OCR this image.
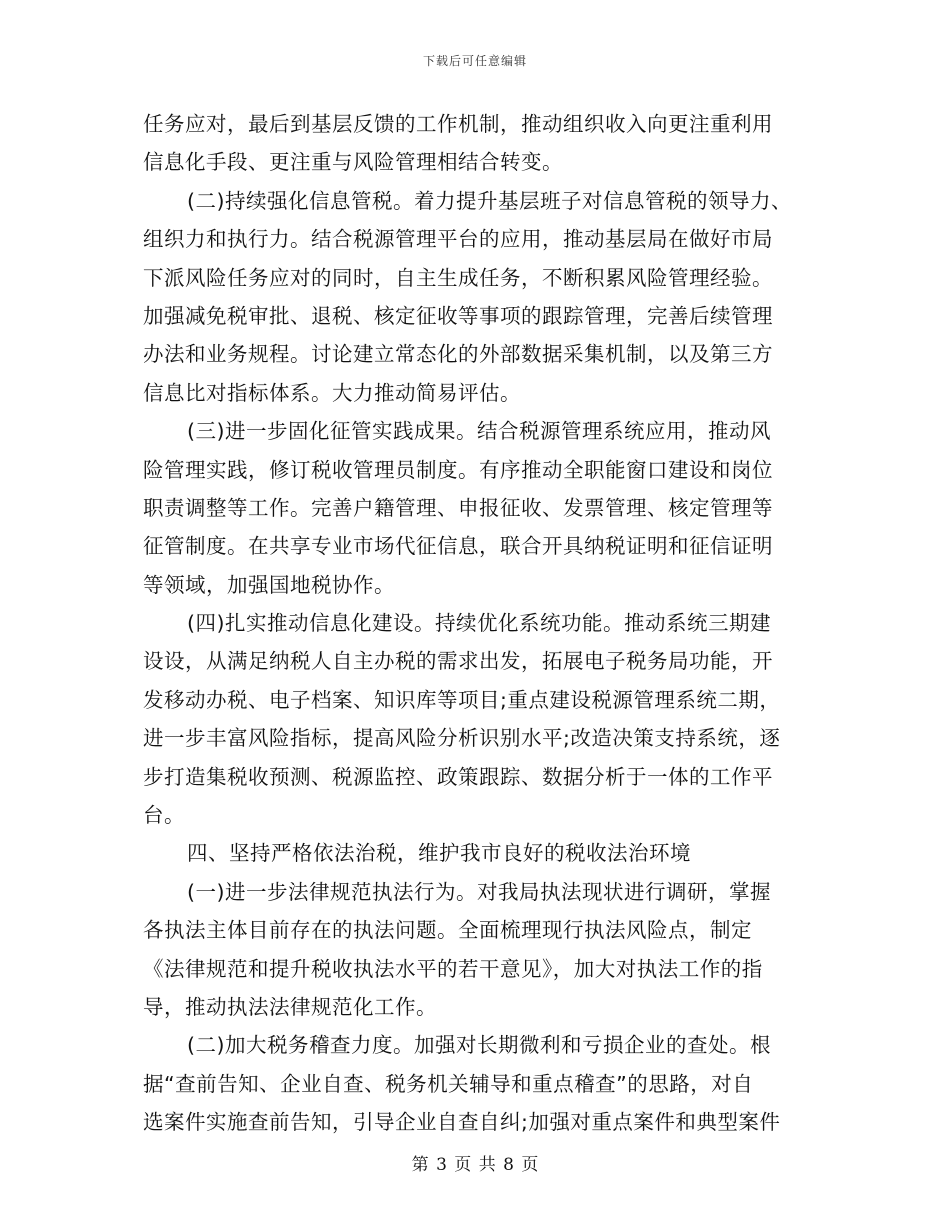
下载后可任意编辑
任务应对，最后到基层反馈的工作机制，推动组织收入向更注重利用
信息化手段、更注重与风险管理相结合转变。
(二)持续强化信息管税。着力提升基层班子对信息管税的领导力、
组织力和执行力。结合税源管理平台的应用，推动基层局在做好市局
下派风险任务应对的同时，自主生成任务，不断积累风险管理经验。
加强减免税审批、退税、核定征收等事项的跟踪管理，完善后续管理
办法和业务规程。讨论建立常态化的外部数据采集机制，以及第三方
信息比对指标体系。大力推动简易评估。
(三)进一步固化征管实践成果。结合税源管理系统应用，推动风
险管理实践，修订税收管理员制度。有序推动全职能窗口建设和岗位
职责调整等工作。完善户籍管理、申报征收、发票管理、核定管理等
征管制度。在共享专业市场代征信息，联合开具纳税证明和征信证明
等领域，加强国地税协作。
(四)扎实推动信息化建设。持续优化系统功能。推动系统三期建
设设，从满足纳税人自主办税的需求出发，拓展电子税务局功能，开
发移动办税、电子档案、知识库等项目;重点建设税源管理系统二期，
进一步丰富风险指标，提高风险分析识别水平;改造决策支持系统，逐
步打造集税收预测、税源监控、政策跟踪、数据分析于一体的工作平
台。
四、坚持严格依法治税，维护我市良好的税收法治环境
(一)进一步法律规范执法行为。对我局执法现状进行调研，掌握
各执法主体目前存在的执法问题。全面梳理现行执法风险点，制定
《法律规范和提升税收执法水平的若干意见》，加大对执法工作的指
导，推动执法法律规范化工作。
(二)加大税务稽查力度。加强对长期微利和亏损企业的查处。根
据“查前告知、企业自查、税务机关辅导和重点稽查”的思路，对自
选案件实施查前告知，引导企业自查自纠;加强对重点案件和典型案件
第 3 页 共 8 页
